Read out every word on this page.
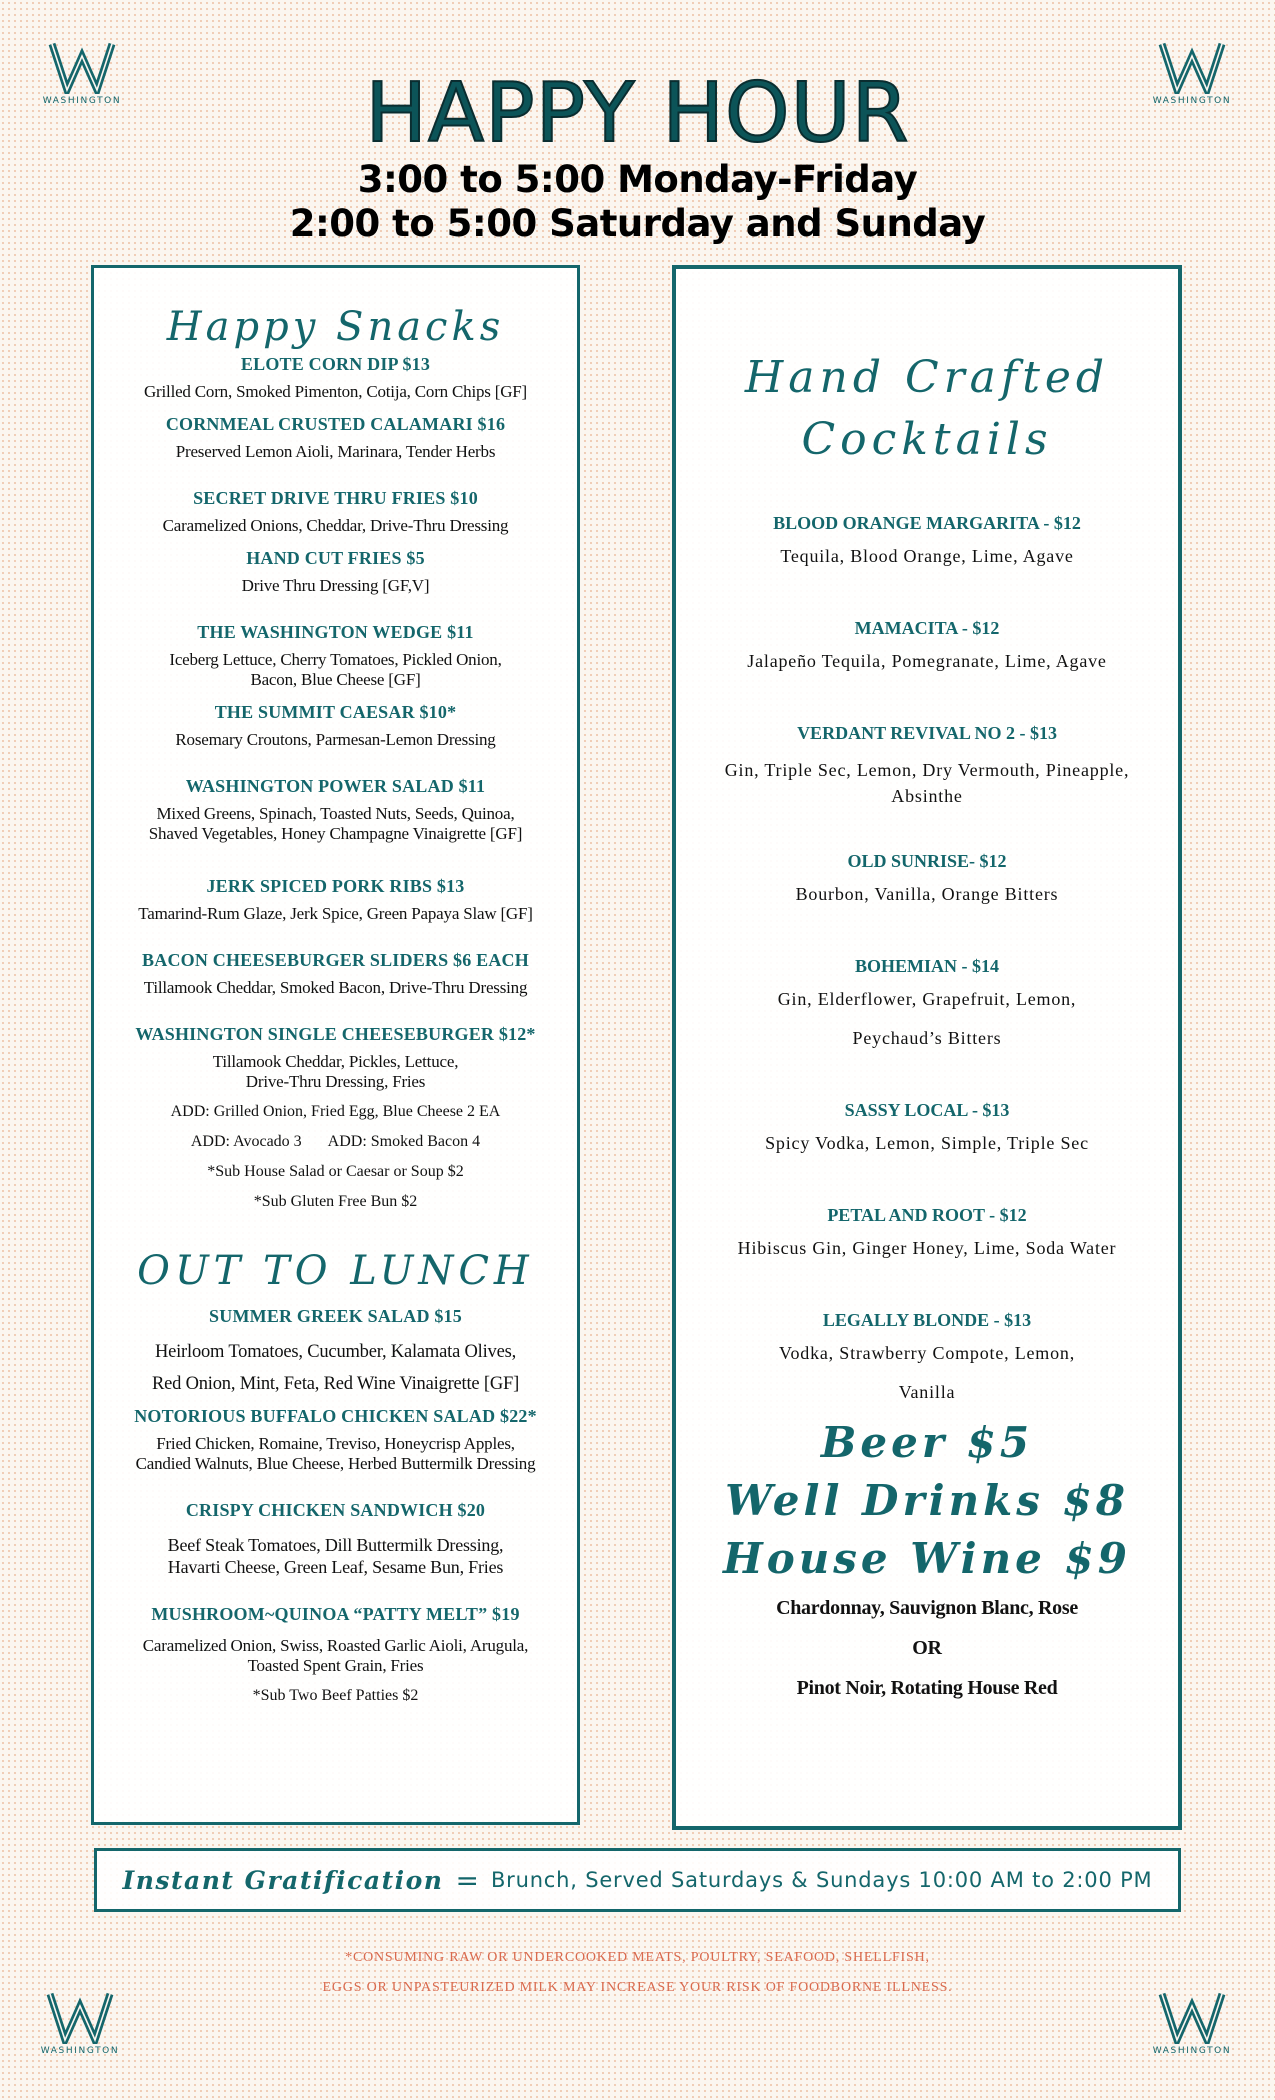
WASHINGTON	WASHINGTON
HAPPY HOUR
3:00 to 5:00 Monday-Friday
2:00 to 5:00 Saturday and Sunday
Happy Snacks
ELOTE CORN DIP $13
Grilled Corn, Smoked Pimenton, Cotija, Corn Chips [GF]
CORNMEAL CRUSTED CALAMARI $16
Preserved Lemon Aioli, Marinara, Tender Herbs
SECRET DRIVE THRU FRIES $10
Caramelized Onions, Cheddar, Drive-Thru Dressing
HAND CUT FRIES $5
Drive Thru Dressing [GF,V]
THE WASHINGTON WEDGE $11
Iceberg Lettuce, Cherry Tomatoes, Pickled Onion,
Bacon, Blue Cheese [GF]
THE SUMMIT CAESAR $10*
Rosemary Croutons, Parmesan-Lemon Dressing
WASHINGTON POWER SALAD $11
Mixed Greens, Spinach, Toasted Nuts, Seeds, Quinoa,
Shaved Vegetables, Honey Champagne Vinaigrette [GF]
JERK SPICED PORK RIBS $13
Tamarind-Rum Glaze, Jerk Spice, Green Papaya Slaw [GF]
BACON CHEESEBURGER SLIDERS $6 EACH
Tillamook Cheddar, Smoked Bacon, Drive-Thru Dressing
WASHINGTON SINGLE CHEESEBURGER $12*
Tillamook Cheddar, Pickles, Lettuce,
Drive-Thru Dressing, Fries
ADD: Grilled Onion, Fried Egg, Blue Cheese 2 EA
ADD: Avocado 3 ADD: Smoked Bacon 4
*Sub House Salad or Caesar or Soup $2
*Sub Gluten Free Bun $2
OUT TO LUNCH
SUMMER GREEK SALAD $15
Heirloom Tomatoes, Cucumber, Kalamata Olives,
Red Onion, Mint, Feta, Red Wine Vinaigrette [GF]
NOTORIOUS BUFFALO CHICKEN SALAD $22*
Fried Chicken, Romaine, Treviso, Honeycrisp Apples,
Candied Walnuts, Blue Cheese, Herbed Buttermilk Dressing
CRISPY CHICKEN SANDWICH $20
Beef Steak Tomatoes, Dill Buttermilk Dressing,
Havarti Cheese, Green Leaf, Sesame Bun, Fries
MUSHROOM~QUINOA “PATTY MELT” $19
Caramelized Onion, Swiss, Roasted Garlic Aioli, Arugula,
Toasted Spent Grain, Fries
*Sub Two Beef Patties $2
Hand Crafted
Cocktails
BLOOD ORANGE MARGARITA - $12
Tequila, Blood Orange, Lime, Agave
MAMACITA - $12
Jalapeño Tequila, Pomegranate, Lime, Agave
VERDANT REVIVAL NO 2 - $13
Gin, Triple Sec, Lemon, Dry Vermouth, Pineapple, Absinthe
OLD SUNRISE- $12
Bourbon, Vanilla, Orange Bitters
BOHEMIAN - $14
Gin, Elderflower, Grapefruit, Lemon, Peychaud’s Bitters
SASSY LOCAL - $13
Spicy Vodka, Lemon, Simple, Triple Sec
PETAL AND ROOT - $12
Hibiscus Gin, Ginger Honey, Lime, Soda Water
LEGALLY BLONDE - $13
Vodka, Strawberry Compote, Lemon, Vanilla
Beer $5
Well Drinks $8
House Wine $9
Chardonnay, Sauvignon Blanc, Rose
OR
Pinot Noir, Rotating House Red
Instant Gratification = Brunch, Served Saturdays & Sundays 10:00 AM to 2:00 PM
*CONSUMING RAW OR UNDERCOOKED MEATS, POULTRY, SEAFOOD, SHELLFISH,
EGGS OR UNPASTEURIZED MILK MAY INCREASE YOUR RISK OF FOODBORNE ILLNESS.
WASHINGTON	WASHINGTON
